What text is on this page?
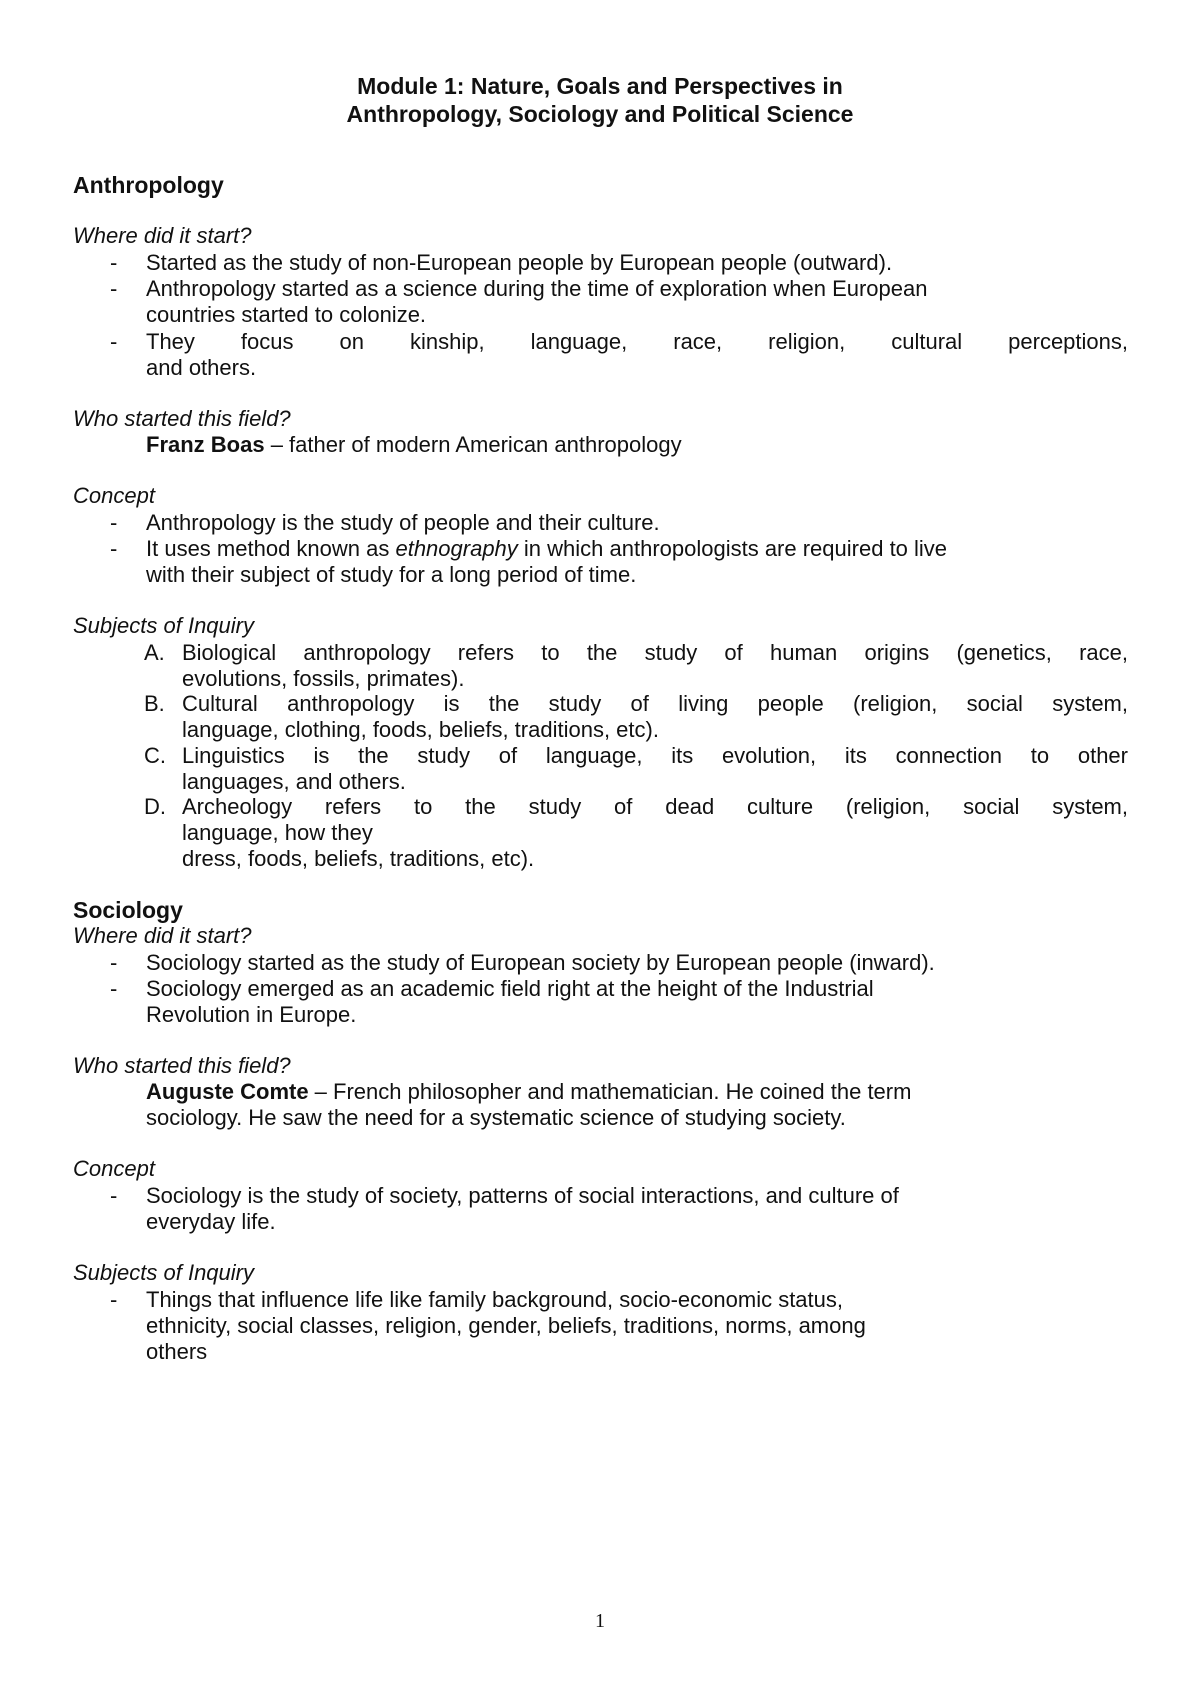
Module 1: Nature, Goals and Perspectives in
Anthropology, Sociology and Political Science
Anthropology
Where did it start?
- Started as the study of non-European people by European people (outward).
- Anthropology started as a science during the time of exploration when European
countries started to colonize.
- They focus on kinship, language, race, religion, cultural perceptions,
and others.
Who started this field?
Franz Boas – father of modern American anthropology
Concept
- Anthropology is the study of people and their culture.
- It uses method known as ethnography in which anthropologists are required to live
with their subject of study for a long period of time.
Subjects of Inquiry
A. Biological anthropology refers to the study of human origins (genetics, race,
evolutions, fossils, primates).
B. Cultural anthropology is the study of living people (religion, social system,
language, clothing, foods, beliefs, traditions, etc).
C. Linguistics is the study of language, its evolution, its connection to other
languages, and others.
D. Archeology refers to the study of dead culture (religion, social system,
language, how they
dress, foods, beliefs, traditions, etc).
Sociology
Where did it start?
- Sociology started as the study of European society by European people (inward).
- Sociology emerged as an academic field right at the height of the Industrial
Revolution in Europe.
Who started this field?
Auguste Comte – French philosopher and mathematician. He coined the term
sociology. He saw the need for a systematic science of studying society.
Concept
- Sociology is the study of society, patterns of social interactions, and culture of
everyday life.
Subjects of Inquiry
- Things that influence life like family background, socio-economic status,
ethnicity, social classes, religion, gender, beliefs, traditions, norms, among
others
1
